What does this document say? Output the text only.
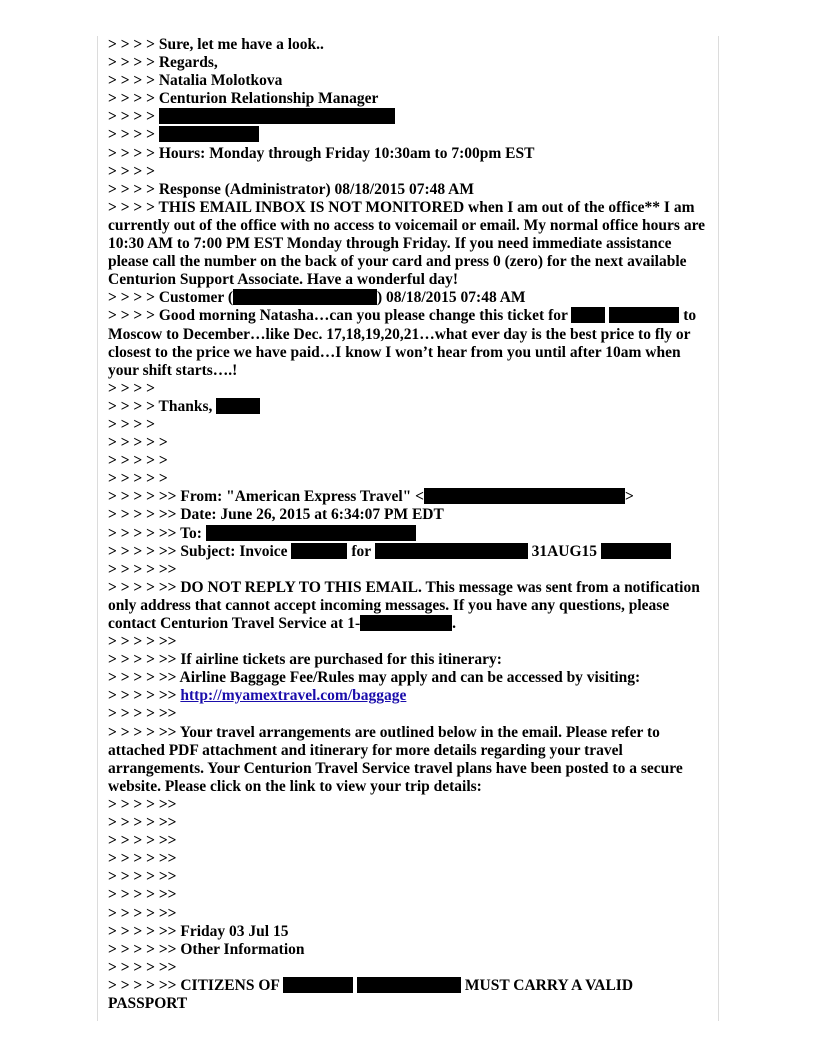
> > > > Sure, let me have a look..
> > > > Regards,
> > > > Natalia Molotkova
> > > > Centurion Relationship Manager
> > > >
> > > >
> > > > Hours: Monday through Friday 10:30am to 7:00pm EST
> > > >
> > > > Response (Administrator) 08/18/2015 07:48 AM
> > > > THIS EMAIL INBOX IS NOT MONITORED when I am out of the office** I am currently out of the office with no access to voicemail or email. My normal office hours are 10:30 AM to 7:00 PM EST Monday through Friday. If you need immediate assistance please call the number on the back of your card and press 0 (zero) for the next available Centurion Support Associate. Have a wonderful day!
> > > > Customer (	) 08/18/2015 07:48 AM
> > > > Good morning Natasha…can you please change this ticket for	to Moscow to December…like Dec. 17,18,19,20,21…what ever day is the best price to fly or closest to the price we have paid…I know I won’t hear from you until after 10am when your shift starts….!
> > > >
> > > > Thanks,
> > > >
> > > > >
> > > > >
> > > > >
> > > > >> From: "American Express Travel" <	>
> > > > >> Date: June 26, 2015 at 6:34:07 PM EDT
> > > > >> To:
> > > > >> Subject: Invoice	for	31AUG15
> > > > >>
> > > > >> DO NOT REPLY TO THIS EMAIL. This message was sent from a notification only address that cannot accept incoming messages. If you have any questions, please contact Centurion Travel Service at 1-	.
> > > > >>
> > > > >> If airline tickets are purchased for this itinerary:
> > > > >> Airline Baggage Fee/Rules may apply and can be accessed by visiting:
> > > > >> http://myamextravel.com/baggage
> > > > >>
> > > > >> Your travel arrangements are outlined below in the email. Please refer to attached PDF attachment and itinerary for more details regarding your travel arrangements. Your Centurion Travel Service travel plans have been posted to a secure website. Please click on the link to view your trip details:
> > > > >>
> > > > >>
> > > > >>
> > > > >>
> > > > >>
> > > > >>
> > > > >>
> > > > >> Friday 03 Jul 15
> > > > >> Other Information
> > > > >>
> > > > >> CITIZENS OF	MUST CARRY A VALID PASSPORT
